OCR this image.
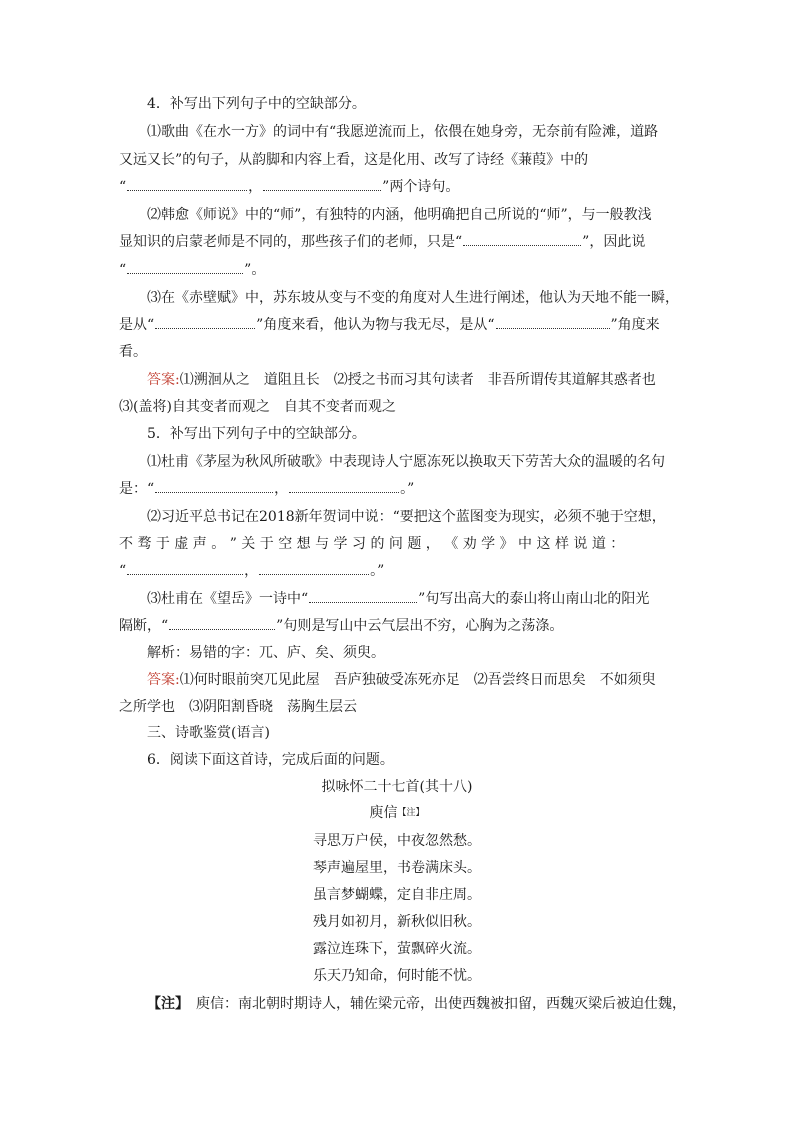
4．补写出下列句子中的空缺部分。
⑴歌曲《在水一方》的词中有“我愿逆流而上，依偎在她身旁，无奈前有险滩，道路
又远又长”的句子，从韵脚和内容上看，这是化用、改写了诗经《蒹葭》中的
“	，	”两个诗句。
⑵韩愈《师说》中的“师”，有独特的内涵，他明确把自己所说的“师”，与一般教浅
显知识的启蒙老师是不同的，那些孩子们的老师，只是“	”，因此说
“	”。
⑶在《赤壁赋》中，苏东坡从变与不变的角度对人生进行阐述，他认为天地不能一瞬，
是从“	”角度来看，他认为物与我无尽，是从“	”角度来
看。
答案:⑴溯洄从之　道阻且长　⑵授之书而习其句读者　非吾所谓传其道解其惑者也
⑶(盖将)自其变者而观之　自其不变者而观之
5．补写出下列句子中的空缺部分。
⑴杜甫《茅屋为秋风所破歌》中表现诗人宁愿冻死以换取天下劳苦大众的温暖的名句
是：“	，	。”
⑵习近平总书记在2018新年贺词中说：“要把这个蓝图变为现实，必须不驰于空想，
不 骛 于 虚 声 。 ” 关 于 空 想 与 学 习 的 问 题 ， 《 劝 学 》 中 这 样 说 道 ：
“	，	。”
⑶杜甫在《望岳》一诗中“	”句写出高大的泰山将山南山北的阳光
隔断，“	”句则是写山中云气层出不穷，心胸为之荡涤。
解析：易错的字：兀、庐、矣、须臾。
答案:⑴何时眼前突兀见此屋　吾庐独破受冻死亦足　⑵吾尝终日而思矣　不如须臾
之所学也　⑶阴阳割昏晓　荡胸生层云
三、诗歌鉴赏(语言)
6．阅读下面这首诗，完成后面的问题。
拟咏怀二十七首(其十八)
庾信$^{【注】}$
寻思万户侯，中夜忽然愁。
琴声遍屋里，书卷满床头。
虽言梦蝴蝶，定自非庄周。
残月如初月，新秋似旧秋。
露泣连珠下，萤飘碎火流。
乐天乃知命，何时能不忧。
【注】　 庾信：南北朝时期诗人，辅佐梁元帝，出使西魏被扣留，西魏灭梁后被迫仕魏，
